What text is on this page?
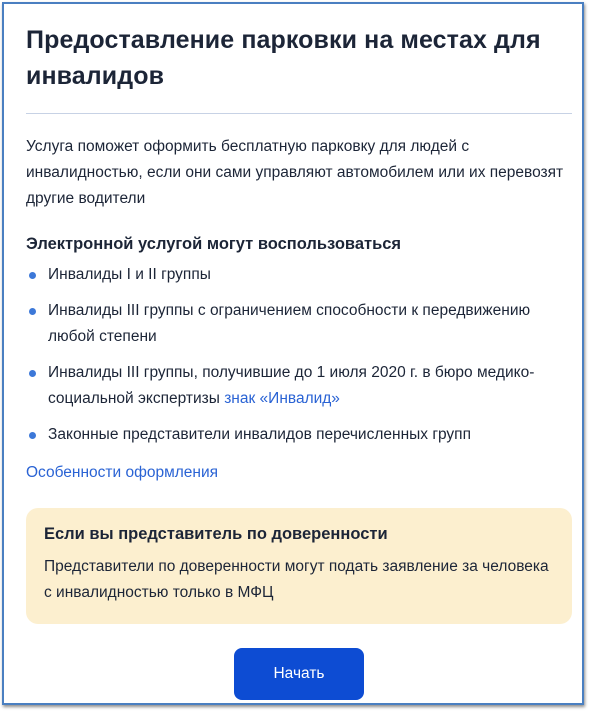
Предоставление парковки на местах для инвалидов

Услуга поможет оформить бесплатную парковку для людей с инвалидностью, если они сами управляют автомобилем или их перевозят другие водители

Электронной услугой могут воспользоваться
Инвалиды I и II группы
Инвалиды III группы с ограничением способности к передвижению любой степени
Инвалиды III группы, получившие до 1 июля 2020 г. в бюро медико-социальной экспертизы знак «Инвалид»
Законные представители инвалидов перечисленных групп
Особенности оформления
Если вы представитель по доверенности

Представители по доверенности могут подать заявление за человека с инвалидностью только в МФЦ

Начать
